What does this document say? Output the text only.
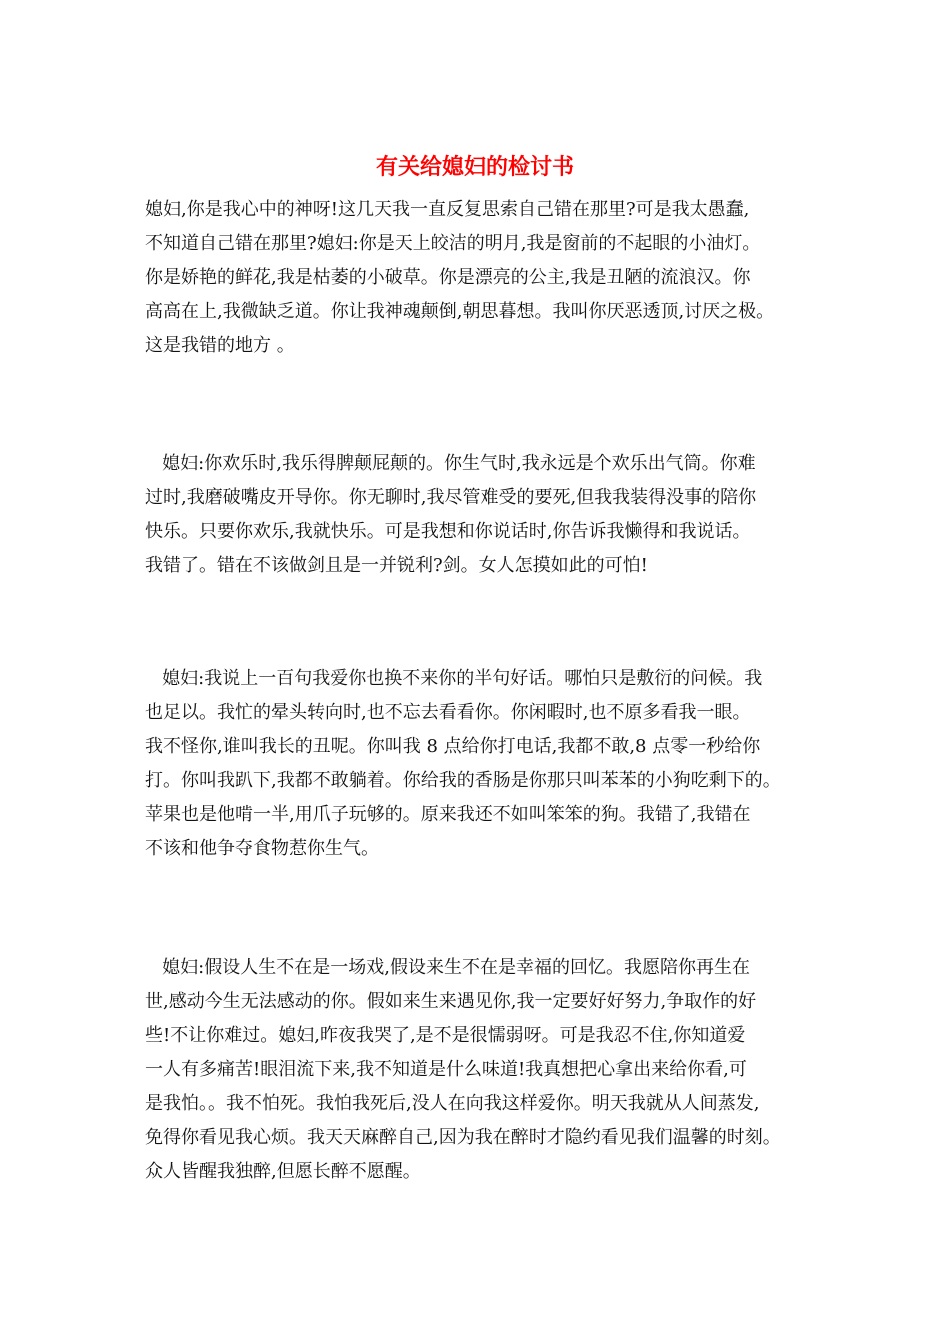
有关给媳妇的检讨书
媳妇,你是我心中的神呀!这几天我一直反复思索自己错在那里?可是我太愚蠢,
不知道自己错在那里?媳妇:你是天上皎洁的明月,我是窗前的不起眼的小油灯。
你是娇艳的鲜花,我是枯萎的小破草。你是漂亮的公主,我是丑陋的流浪汉。你
高高在上,我微缺乏道。你让我神魂颠倒,朝思暮想。我叫你厌恶透顶,讨厌之极。
这是我错的地方 。
媳妇:你欢乐时,我乐得脾颠屁颠的。你生气时,我永远是个欢乐出气筒。你难
过时,我磨破嘴皮开导你。你无聊时,我尽管难受的要死,但我我装得没事的陪你
快乐。只要你欢乐,我就快乐。可是我想和你说话时,你告诉我懒得和我说话。
我错了。错在不该做剑且是一并锐利?剑。女人怎摸如此的可怕!
媳妇:我说上一百句我爱你也换不来你的半句好话。哪怕只是敷衍的问候。我
也足以。我忙的晕头转向时,也不忘去看看你。你闲暇时,也不原多看我一眼。
我不怪你,谁叫我长的丑呢。你叫我 8 点给你打电话,我都不敢,8 点零一秒给你
打。你叫我趴下,我都不敢躺着。你给我的香肠是你那只叫苯苯的小狗吃剩下的。
苹果也是他啃一半,用爪子玩够的。原来我还不如叫笨笨的狗。我错了,我错在
不该和他争夺食物惹你生气。
媳妇:假设人生不在是一场戏,假设来生不在是幸福的回忆。我愿陪你再生在
世,感动今生无法感动的你。假如来生来遇见你,我一定要好好努力,争取作的好
些!不让你难过。媳妇,昨夜我哭了,是不是很懦弱呀。可是我忍不住,你知道爱
一人有多痛苦!眼泪流下来,我不知道是什么味道!我真想把心拿出来给你看,可
是我怕。。我不怕死。我怕我死后,没人在向我这样爱你。明天我就从人间蒸发,
免得你看见我心烦。我天天麻醉自己,因为我在醉时才隐约看见我们温馨的时刻。
众人皆醒我独醉,但愿长醉不愿醒。
